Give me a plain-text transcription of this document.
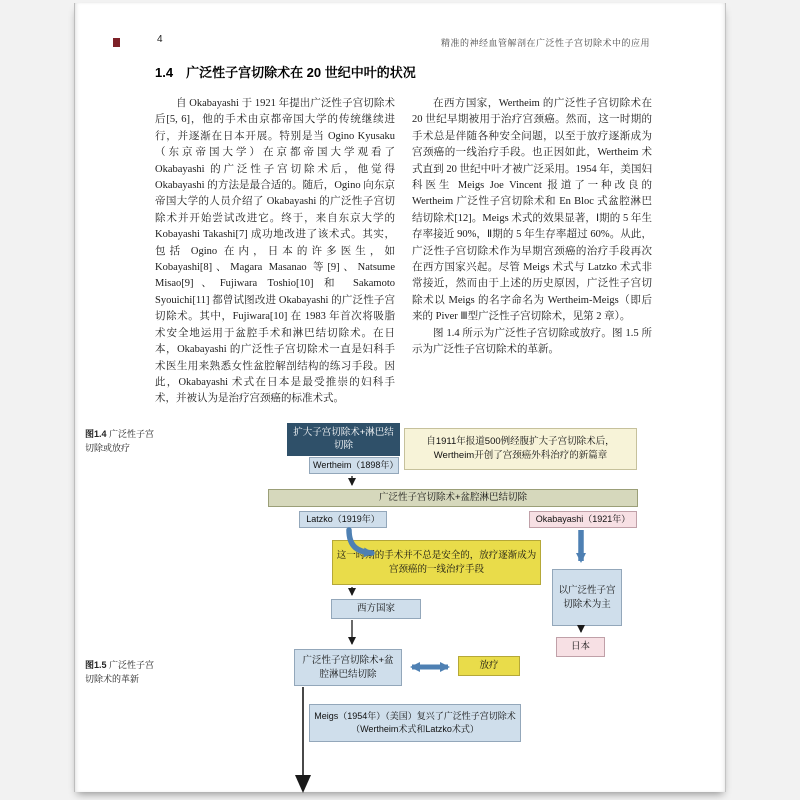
4	精准的神经血管解剖在广泛性子宫切除术中的应用
1.4　广泛性子宫切除术在 20 世纪中叶的状况

自 Okabayashi 于 1921 年提出广泛性子宫切除术后[5, 6]，他的手术由京都帝国大学的传统继续进行，并逐渐在日本开展。特别是当 Ogino Kyusaku（东京帝国大学）在京都帝国大学观看了 Okabayashi 的广泛性子宫切除术后，他觉得 Okabayashi 的方法是最合适的。随后，Ogino 向东京帝国大学的人员介绍了 Okabayashi 的广泛性子宫切除术并开始尝试改进它。终于，来自东京大学的 Kobayashi Takashi[7] 成功地改进了该术式。其实，包括 Ogino 在内，日本的许多医生，如 Kobayashi[8]、Magara Masanao 等[9]、Natsume Misao[9]、Fujiwara Toshio[10] 和 Sakamoto Syouichi[11] 都曾试图改进 Okabayashi 的广泛性子宫切除术。其中，Fujiwara[10] 在 1983 年首次将吸脂术安全地运用于盆腔手术和淋巴结切除术。在日本，Okabayashi 的广泛性子宫切除术一直是妇科手术医生用来熟悉女性盆腔解剖结构的练习手段。因此，Okabayashi 术式在日本是最受推崇的妇科手术，并被认为是治疗宫颈癌的标准术式。

在西方国家，Wertheim 的广泛性子宫切除术在 20 世纪早期被用于治疗宫颈癌。然而，这一时期的手术总是伴随各种安全问题，以至于放疗逐渐成为宫颈癌的一线治疗手段。也正因如此，Wertheim 术式直到 20 世纪中叶才被广泛采用。1954 年，美国妇科医生 Meigs Joe Vincent 报道了一种改良的 Wertheim 广泛性子宫切除术和 En Bloc 式盆腔淋巴结切除术[12]。Meigs 术式的效果显著，Ⅰ期的 5 年生存率接近 90%，Ⅱ期的 5 年生存率超过 60%。从此，广泛性子宫切除术作为早期宫颈癌的治疗手段再次在西方国家兴起。尽管 Meigs 术式与 Latzko 术式非常接近，然而由于上述的历史原因，广泛性子宫切除术以 Meigs 的名字命名为 Wertheim-Meigs（即后来的 Piver Ⅲ型广泛性子宫切除术，见第 2 章）。

图 1.4 所示为广泛性子宫切除或放疗。图 1.5 所示为广泛性子宫切除术的革新。

图1.4 广泛性子宫切除或放疗
图1.5 广泛性子宫切除术的革新
扩大子宫切除术+淋巴结切除
Wertheim（1898年）
自1911年报道500例经腹扩大子宫切除术后，Wertheim开创了宫颈癌外科治疗的新篇章
广泛性子宫切除术+盆腔淋巴结切除
Latzko（1919年）	Okabayashi（1921年）
这一时期的手术并不总是安全的，放疗逐渐成为宫颈癌的一线治疗手段
西方国家
以广泛性子宫切除术为主
日本
广泛性子宫切除术+盆腔淋巴结切除
放疗
Meigs（1954年）（美国）复兴了广泛性子宫切除术（Wertheim术式和Latzko术式）
